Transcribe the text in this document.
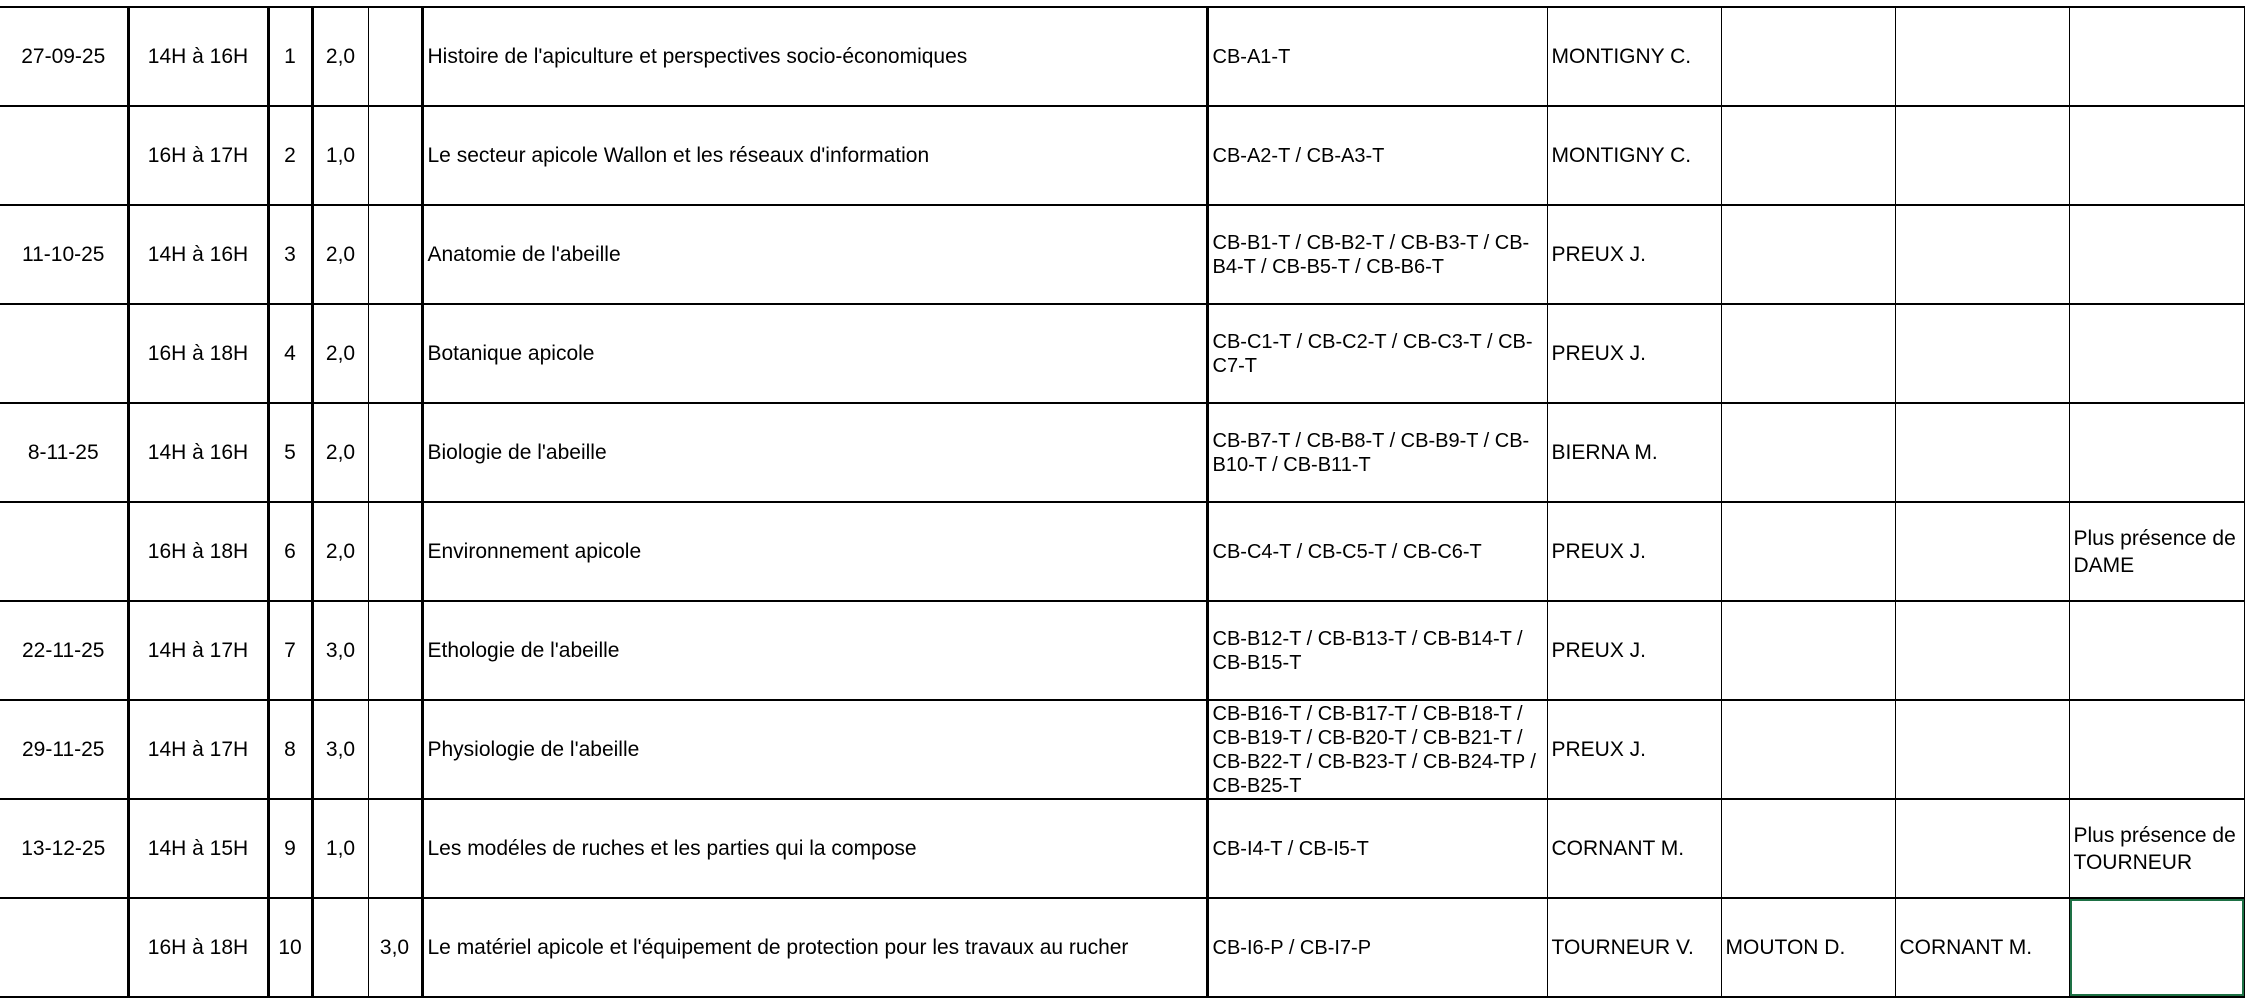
27-09-25	14H à 16H	1	2,0		Histoire de l'apiculture et perspectives socio-économiques	CB-A1-T	MONTIGNY C.			
	16H à 17H	2	1,0		Le secteur apicole Wallon et les réseaux d'information	CB-A2-T / CB-A3-T	MONTIGNY C.			
11-10-25	14H à 16H	3	2,0		Anatomie de l'abeille	CB-B1-T / CB-B2-T / CB-B3-T / CB-B4-T / CB-B5-T / CB-B6-T	PREUX J.			
	16H à 18H	4	2,0		Botanique apicole	CB-C1-T / CB-C2-T / CB-C3-T / CB-C7-T	PREUX J.			
8-11-25	14H à 16H	5	2,0		Biologie de l'abeille	CB-B7-T / CB-B8-T / CB-B9-T / CB-B10-T / CB-B11-T	BIERNA M.			
	16H à 18H	6	2,0		Environnement apicole	CB-C4-T / CB-C5-T / CB-C6-T	PREUX J.			Plus présence de DAME
22-11-25	14H à 17H	7	3,0		Ethologie de l'abeille	CB-B12-T / CB-B13-T / CB-B14-T / CB-B15-T	PREUX J.			
29-11-25	14H à 17H	8	3,0		Physiologie de l'abeille	CB-B16-T / CB-B17-T / CB-B18-T / CB-B19-T / CB-B20-T / CB-B21-T / CB-B22-T / CB-B23-T / CB-B24-TP / CB-B25-T	PREUX J.			
13-12-25	14H à 15H	9	1,0		Les modéles de ruches et les parties qui la compose	CB-I4-T / CB-I5-T	CORNANT M.			Plus présence de TOURNEUR
	16H à 18H	10		3,0	Le matériel apicole et l'équipement de protection pour les travaux au rucher	CB-I6-P / CB-I7-P	TOURNEUR V.	MOUTON D.	CORNANT M.	
